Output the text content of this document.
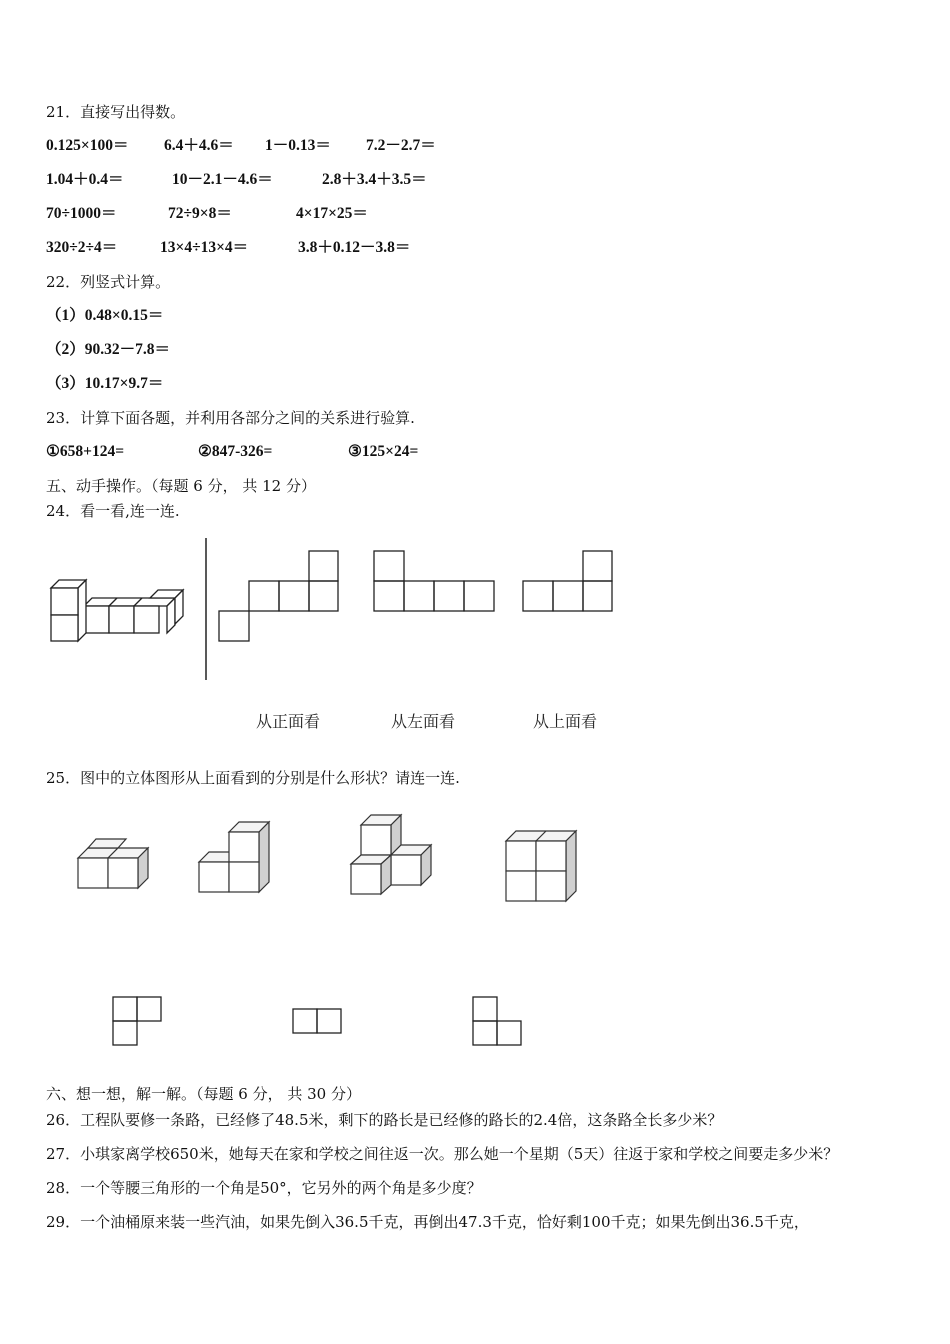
21．直接写出得数。
0.125×100＝ 6.4＋4.6＝ 1－0.13＝ 7.2－2.7＝
1.04＋0.4＝	10－2.1－4.6＝	2.8＋3.4＋3.5＝
70÷1000＝	72÷9×8＝	4×17×25＝
320÷2÷4＝	13×4÷13×4＝	3.8＋0.12－3.8＝
22．列竖式计算。
（1）0.48×0.15＝
（2）90.32－7.8＝
（3）10.17×9.7＝
23．计算下面各题，并利用各部分之间的关系进行验算.
①658+124=	②847-326=	③125×24=
五、动手操作。（每题 6 分， 共 12 分）
24．看一看,连一连.
从正面看	从左面看	从上面看
25．图中的立体图形从上面看到的分别是什么形状？请连一连.
六、想一想，解一解。（每题 6 分， 共 30 分）
26．工程队要修一条路，已经修了48.5米，剩下的路长是已经修的路长的2.4倍，这条路全长多少米？
27．小琪家离学校650米，她每天在家和学校之间往返一次。那么她一个星期（5天）往返于家和学校之间要走多少米？
28．一个等腰三角形的一个角是50°，它另外的两个角是多少度？
29．一个油桶原来装一些汽油，如果先倒入36.5千克，再倒出47.3千克，恰好剩100千克；如果先倒出36.5千克，
